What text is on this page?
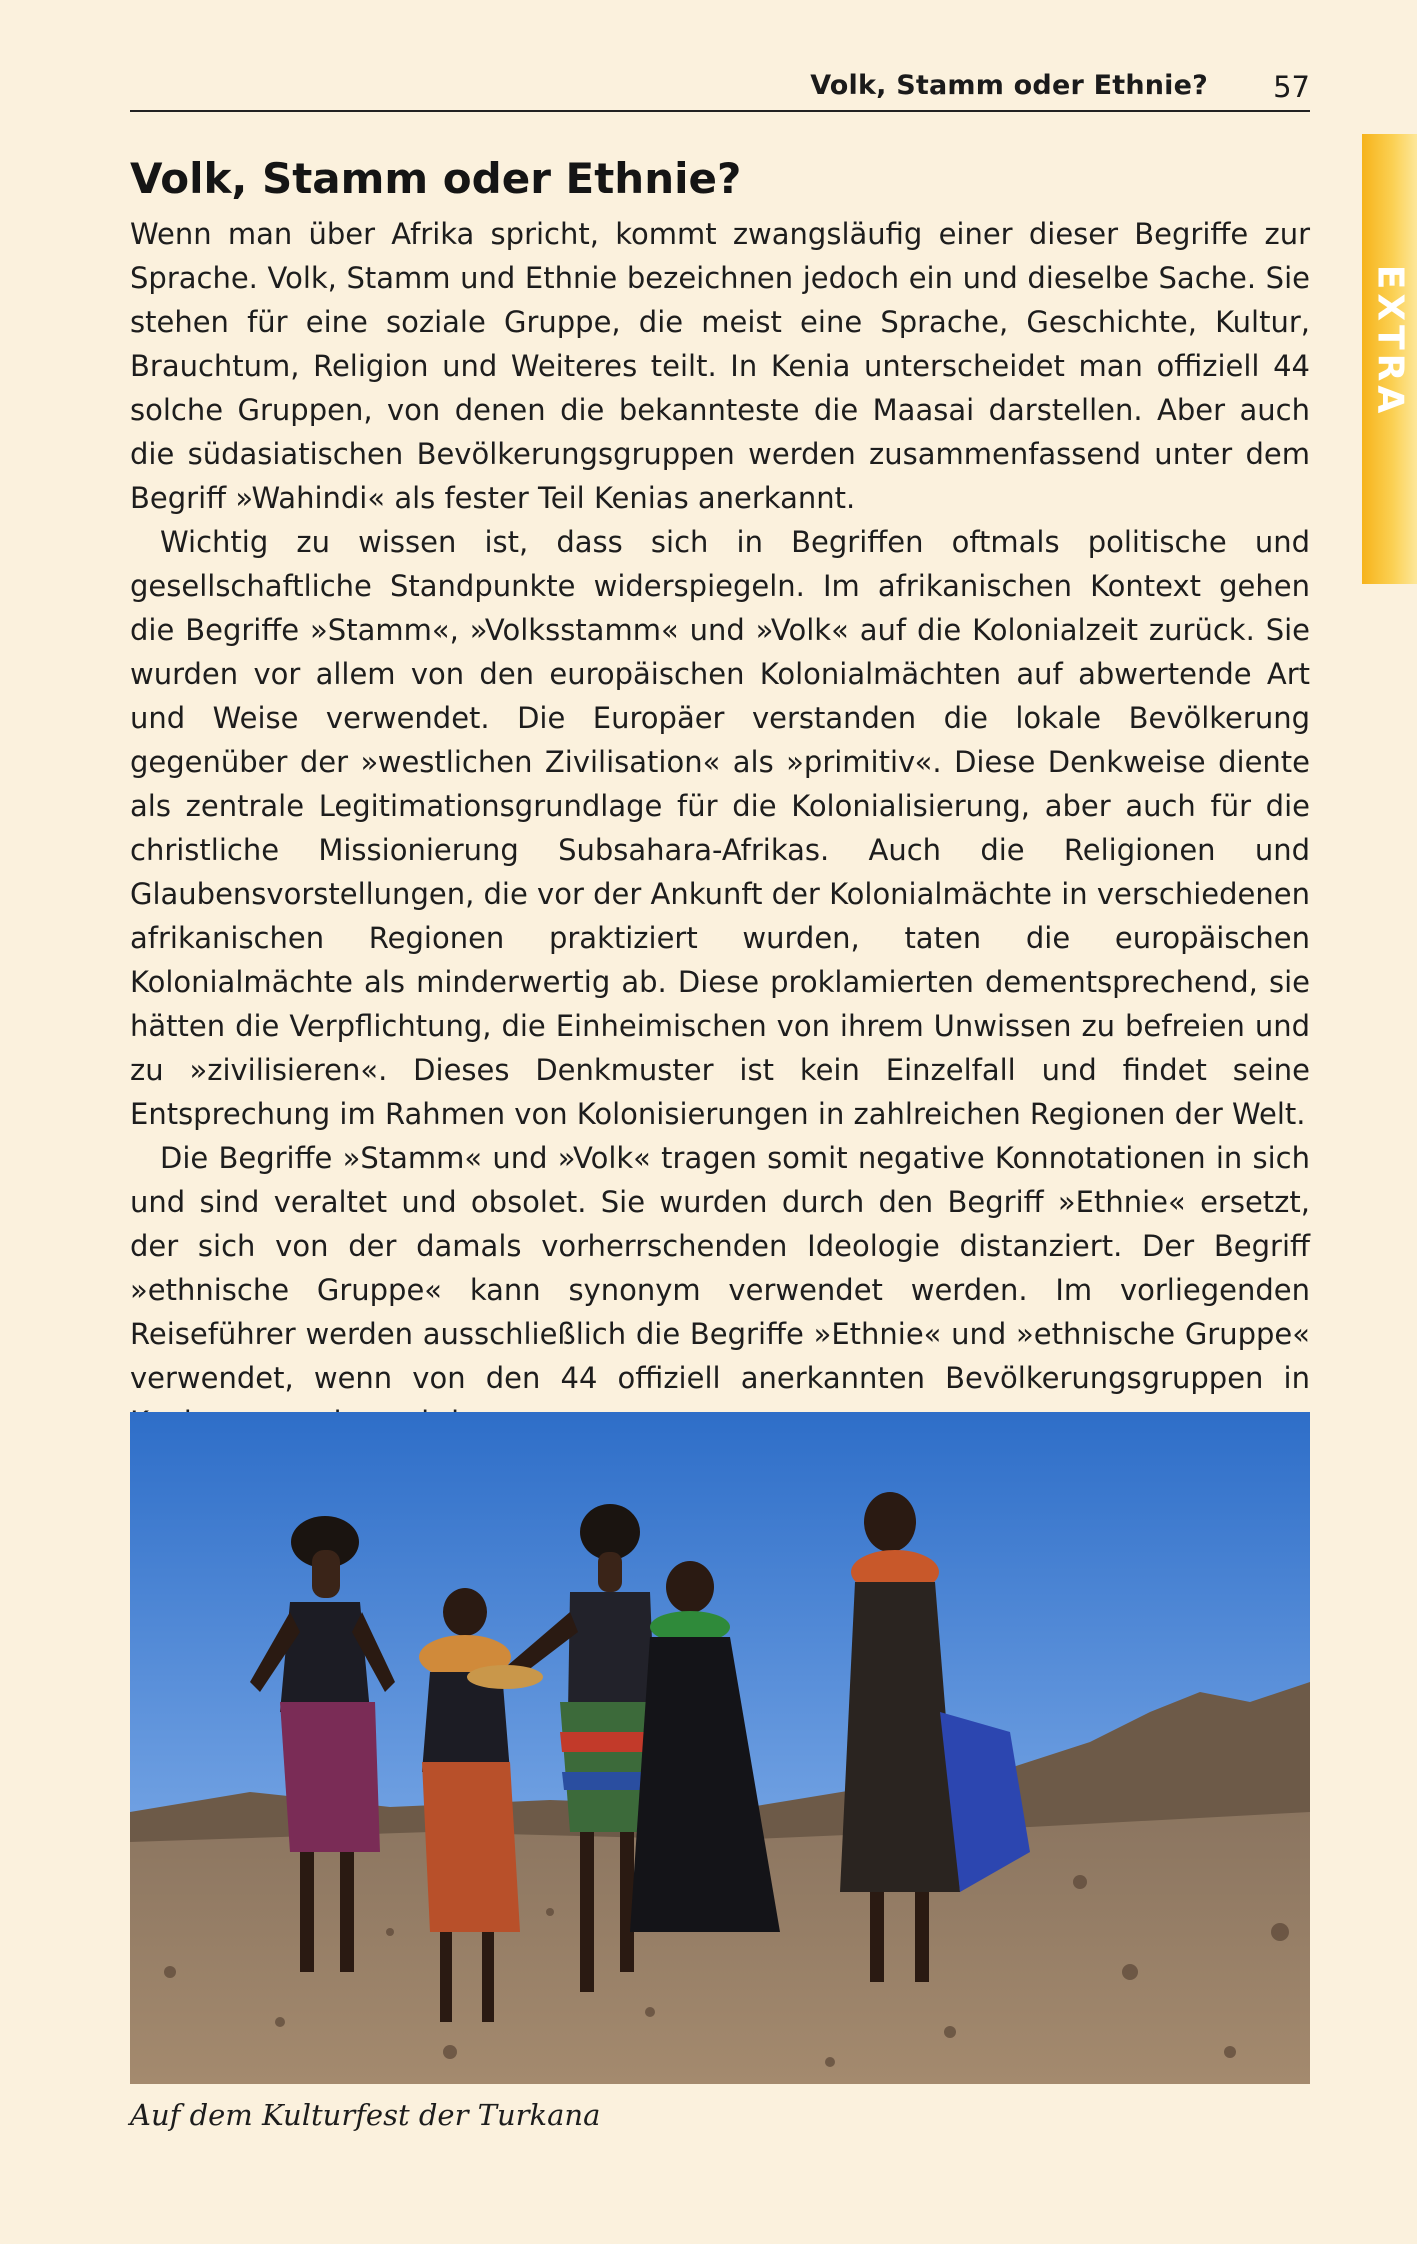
Volk, Stamm oder Ethnie? 57
EXTRA
Volk, Stamm oder Ethnie?

Wenn man über Afrika spricht, kommt zwangsläufig einer dieser Begriffe zur Sprache. Volk, Stamm und Ethnie bezeichnen jedoch ein und dieselbe Sache. Sie stehen für eine soziale Gruppe, die meist eine Sprache, Geschichte, Kultur, Brauchtum, Religion und Weiteres teilt. In Kenia unterscheidet man offiziell 44 solche Gruppen, von denen die bekannteste die Maasai darstellen. Aber auch die südasiatischen Bevölkerungsgruppen werden zusammenfassend unter dem Begriff »Wahindi« als fester Teil Kenias anerkannt.

Wichtig zu wissen ist, dass sich in Begriffen oftmals politische und gesellschaftliche Standpunkte widerspiegeln. Im afrikanischen Kontext gehen die Begriffe »Stamm«, »Volksstamm« und »Volk« auf die Kolonialzeit zurück. Sie wurden vor allem von den europäischen Kolonialmächten auf abwertende Art und Weise verwendet. Die Europäer verstanden die lokale Bevölkerung gegenüber der »westlichen Zivilisation« als »primitiv«. Diese Denkweise diente als zentrale Legitimationsgrundlage für die Kolonialisierung, aber auch für die christliche Missionierung Subsahara-Afrikas. Auch die Religionen und Glaubensvorstellungen, die vor der Ankunft der Kolonialmächte in verschiedenen afrikanischen Regionen praktiziert wurden, taten die europäischen Kolonialmächte als minderwertig ab. Diese proklamierten dementsprechend, sie hätten die Verpflichtung, die Einheimischen von ihrem Unwissen zu befreien und zu »zivilisieren«. Dieses Denkmuster ist kein Einzelfall und findet seine Entsprechung im Rahmen von Kolonisierungen in zahlreichen Regionen der Welt.

Die Begriffe »Stamm« und »Volk« tragen somit negative Konnotationen in sich und sind veraltet und obsolet. Sie wurden durch den Begriff »Ethnie« ersetzt, der sich von der damals vorherrschenden Ideologie distanziert. Der Begriff »ethnische Gruppe« kann synonym verwendet werden. Im vorliegenden Reiseführer werden ausschließlich die Begriffe »Ethnie« und »ethnische Gruppe« verwendet, wenn von den 44 offiziell anerkannten Bevölkerungsgruppen in

Auf dem Kulturfest der Turkana
